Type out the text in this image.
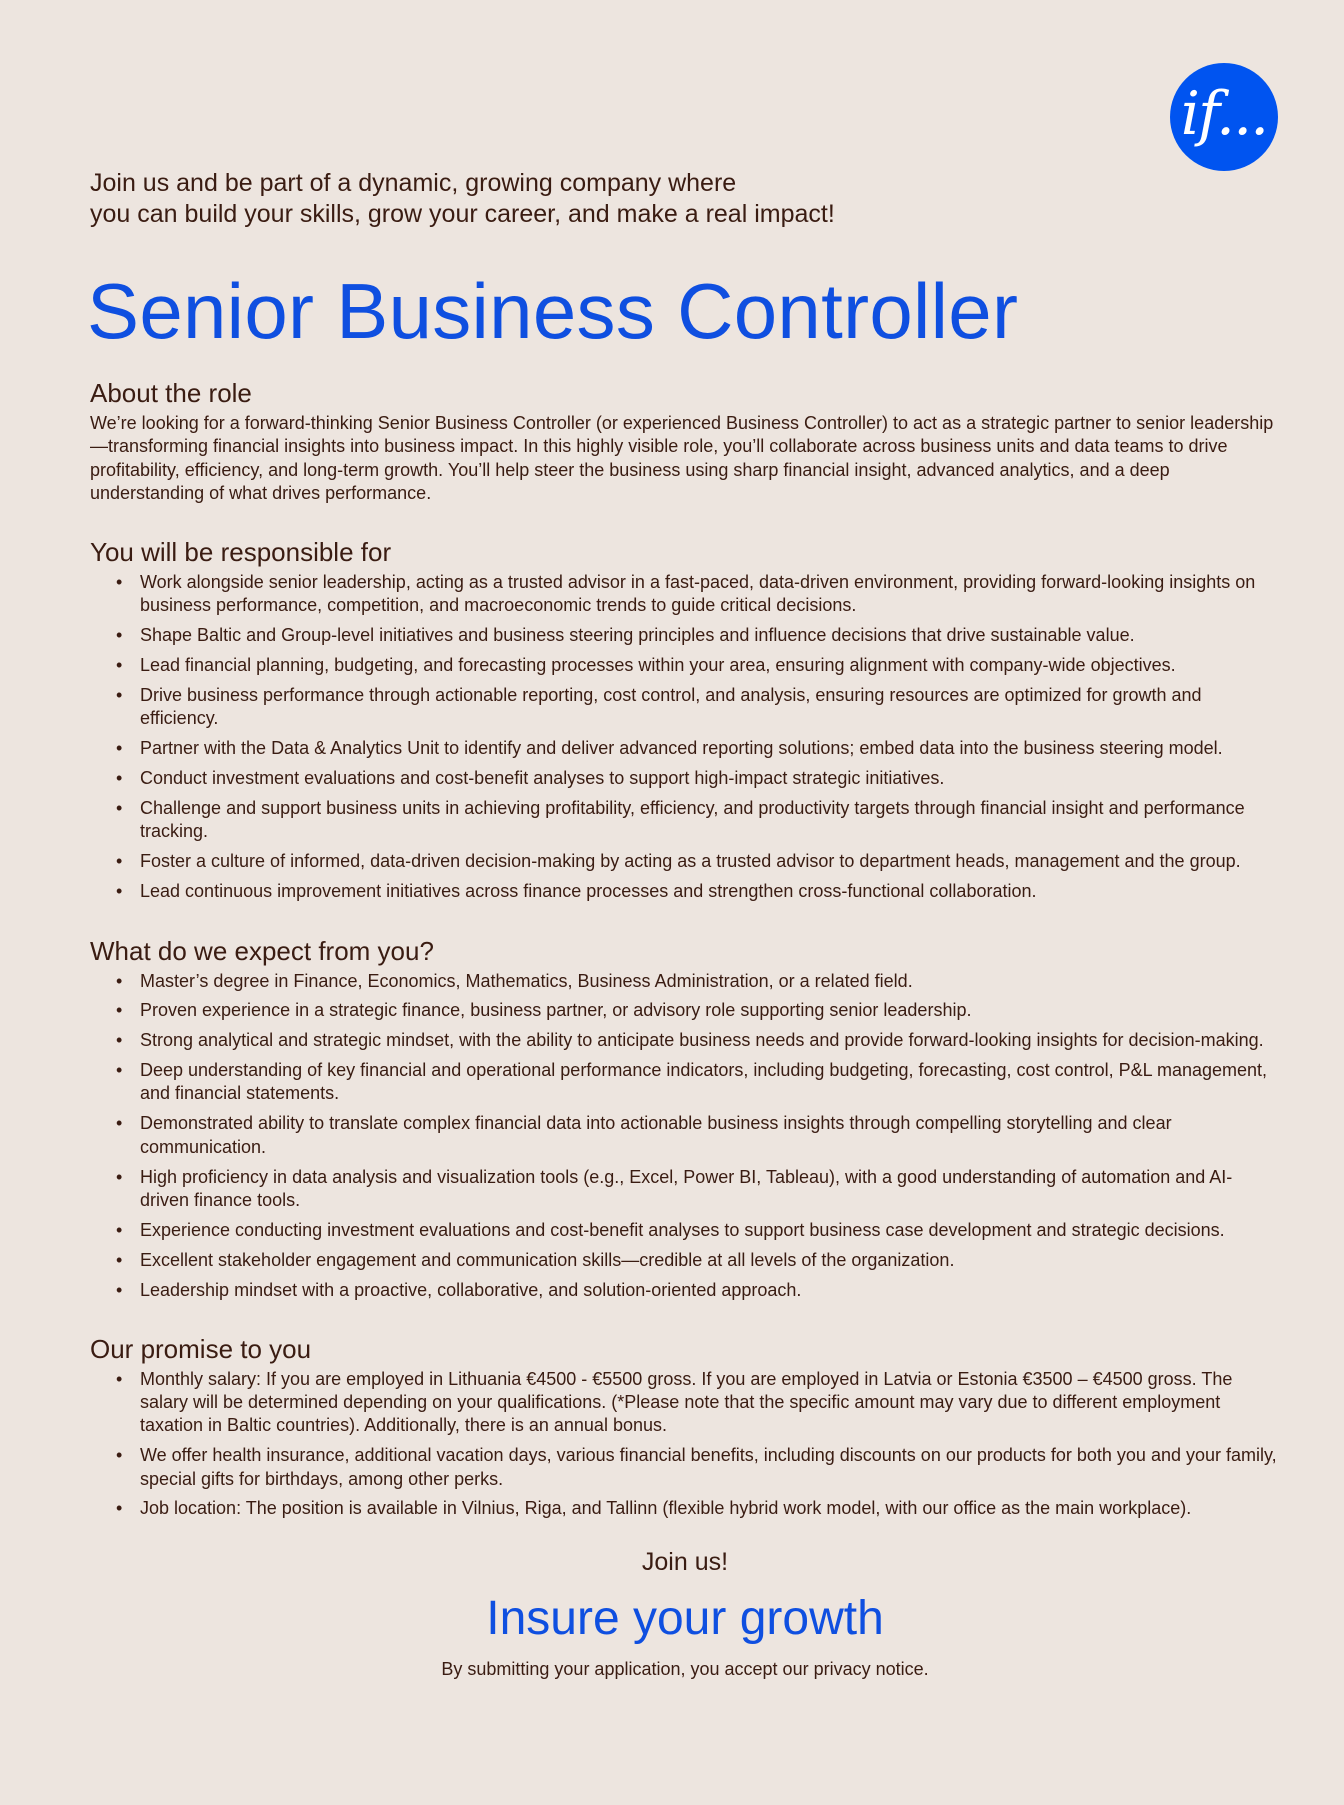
if...

Join us and be part of a dynamic, growing company where
you can build your skills, grow your career, and make a real impact!

Senior Business Controller
About the role

We’re looking for a forward-thinking Senior Business Controller (or experienced Business Controller) to act as a strategic partner to senior leadership—transforming financial insights into business impact. In this highly visible role, you’ll collaborate across business units and data teams to drive profitability, efficiency, and long-term growth. You’ll help steer the business using sharp financial insight, advanced analytics, and a deep understanding of what drives performance.

You will be responsible for
• Work alongside senior leadership, acting as a trusted advisor in a fast-paced, data-driven environment, providing forward-looking insights on business performance, competition, and macroeconomic trends to guide critical decisions.
• Shape Baltic and Group-level initiatives and business steering principles and influence decisions that drive sustainable value.
• Lead financial planning, budgeting, and forecasting processes within your area, ensuring alignment with company-wide objectives.
• Drive business performance through actionable reporting, cost control, and analysis, ensuring resources are optimized for growth and efficiency.
• Partner with the Data & Analytics Unit to identify and deliver advanced reporting solutions; embed data into the business steering model.
• Conduct investment evaluations and cost-benefit analyses to support high-impact strategic initiatives.
• Challenge and support business units in achieving profitability, efficiency, and productivity targets through financial insight and performance tracking.
• Foster a culture of informed, data-driven decision-making by acting as a trusted advisor to department heads, management and the group.
• Lead continuous improvement initiatives across finance processes and strengthen cross-functional collaboration.
What do we expect from you?
• Master’s degree in Finance, Economics, Mathematics, Business Administration, or a related field.
• Proven experience in a strategic finance, business partner, or advisory role supporting senior leadership.
• Strong analytical and strategic mindset, with the ability to anticipate business needs and provide forward-looking insights for decision-making.
• Deep understanding of key financial and operational performance indicators, including budgeting, forecasting, cost control, P&L management, and financial statements.
• Demonstrated ability to translate complex financial data into actionable business insights through compelling storytelling and clear communication.
• High proficiency in data analysis and visualization tools (e.g., Excel, Power BI, Tableau), with a good understanding of automation and AI-driven finance tools.
• Experience conducting investment evaluations and cost-benefit analyses to support business case development and strategic decisions.
• Excellent stakeholder engagement and communication skills—credible at all levels of the organization.
• Leadership mindset with a proactive, collaborative, and solution-oriented approach.
Our promise to you
• Monthly salary: If you are employed in Lithuania €4500 - €5500 gross. If you are employed in Latvia or Estonia €3500 – €4500 gross. The salary will be determined depending on your qualifications. (*Please note that the specific amount may vary due to different employment taxation in Baltic countries). Additionally, there is an annual bonus.
• We offer health insurance, additional vacation days, various financial benefits, including discounts on our products for both you and your family, special gifts for birthdays, among other perks.
• Job location: The position is available in Vilnius, Riga, and Tallinn (flexible hybrid work model, with our office as the main workplace).
Join us!
Insure your growth
By submitting your application, you accept our privacy notice.
